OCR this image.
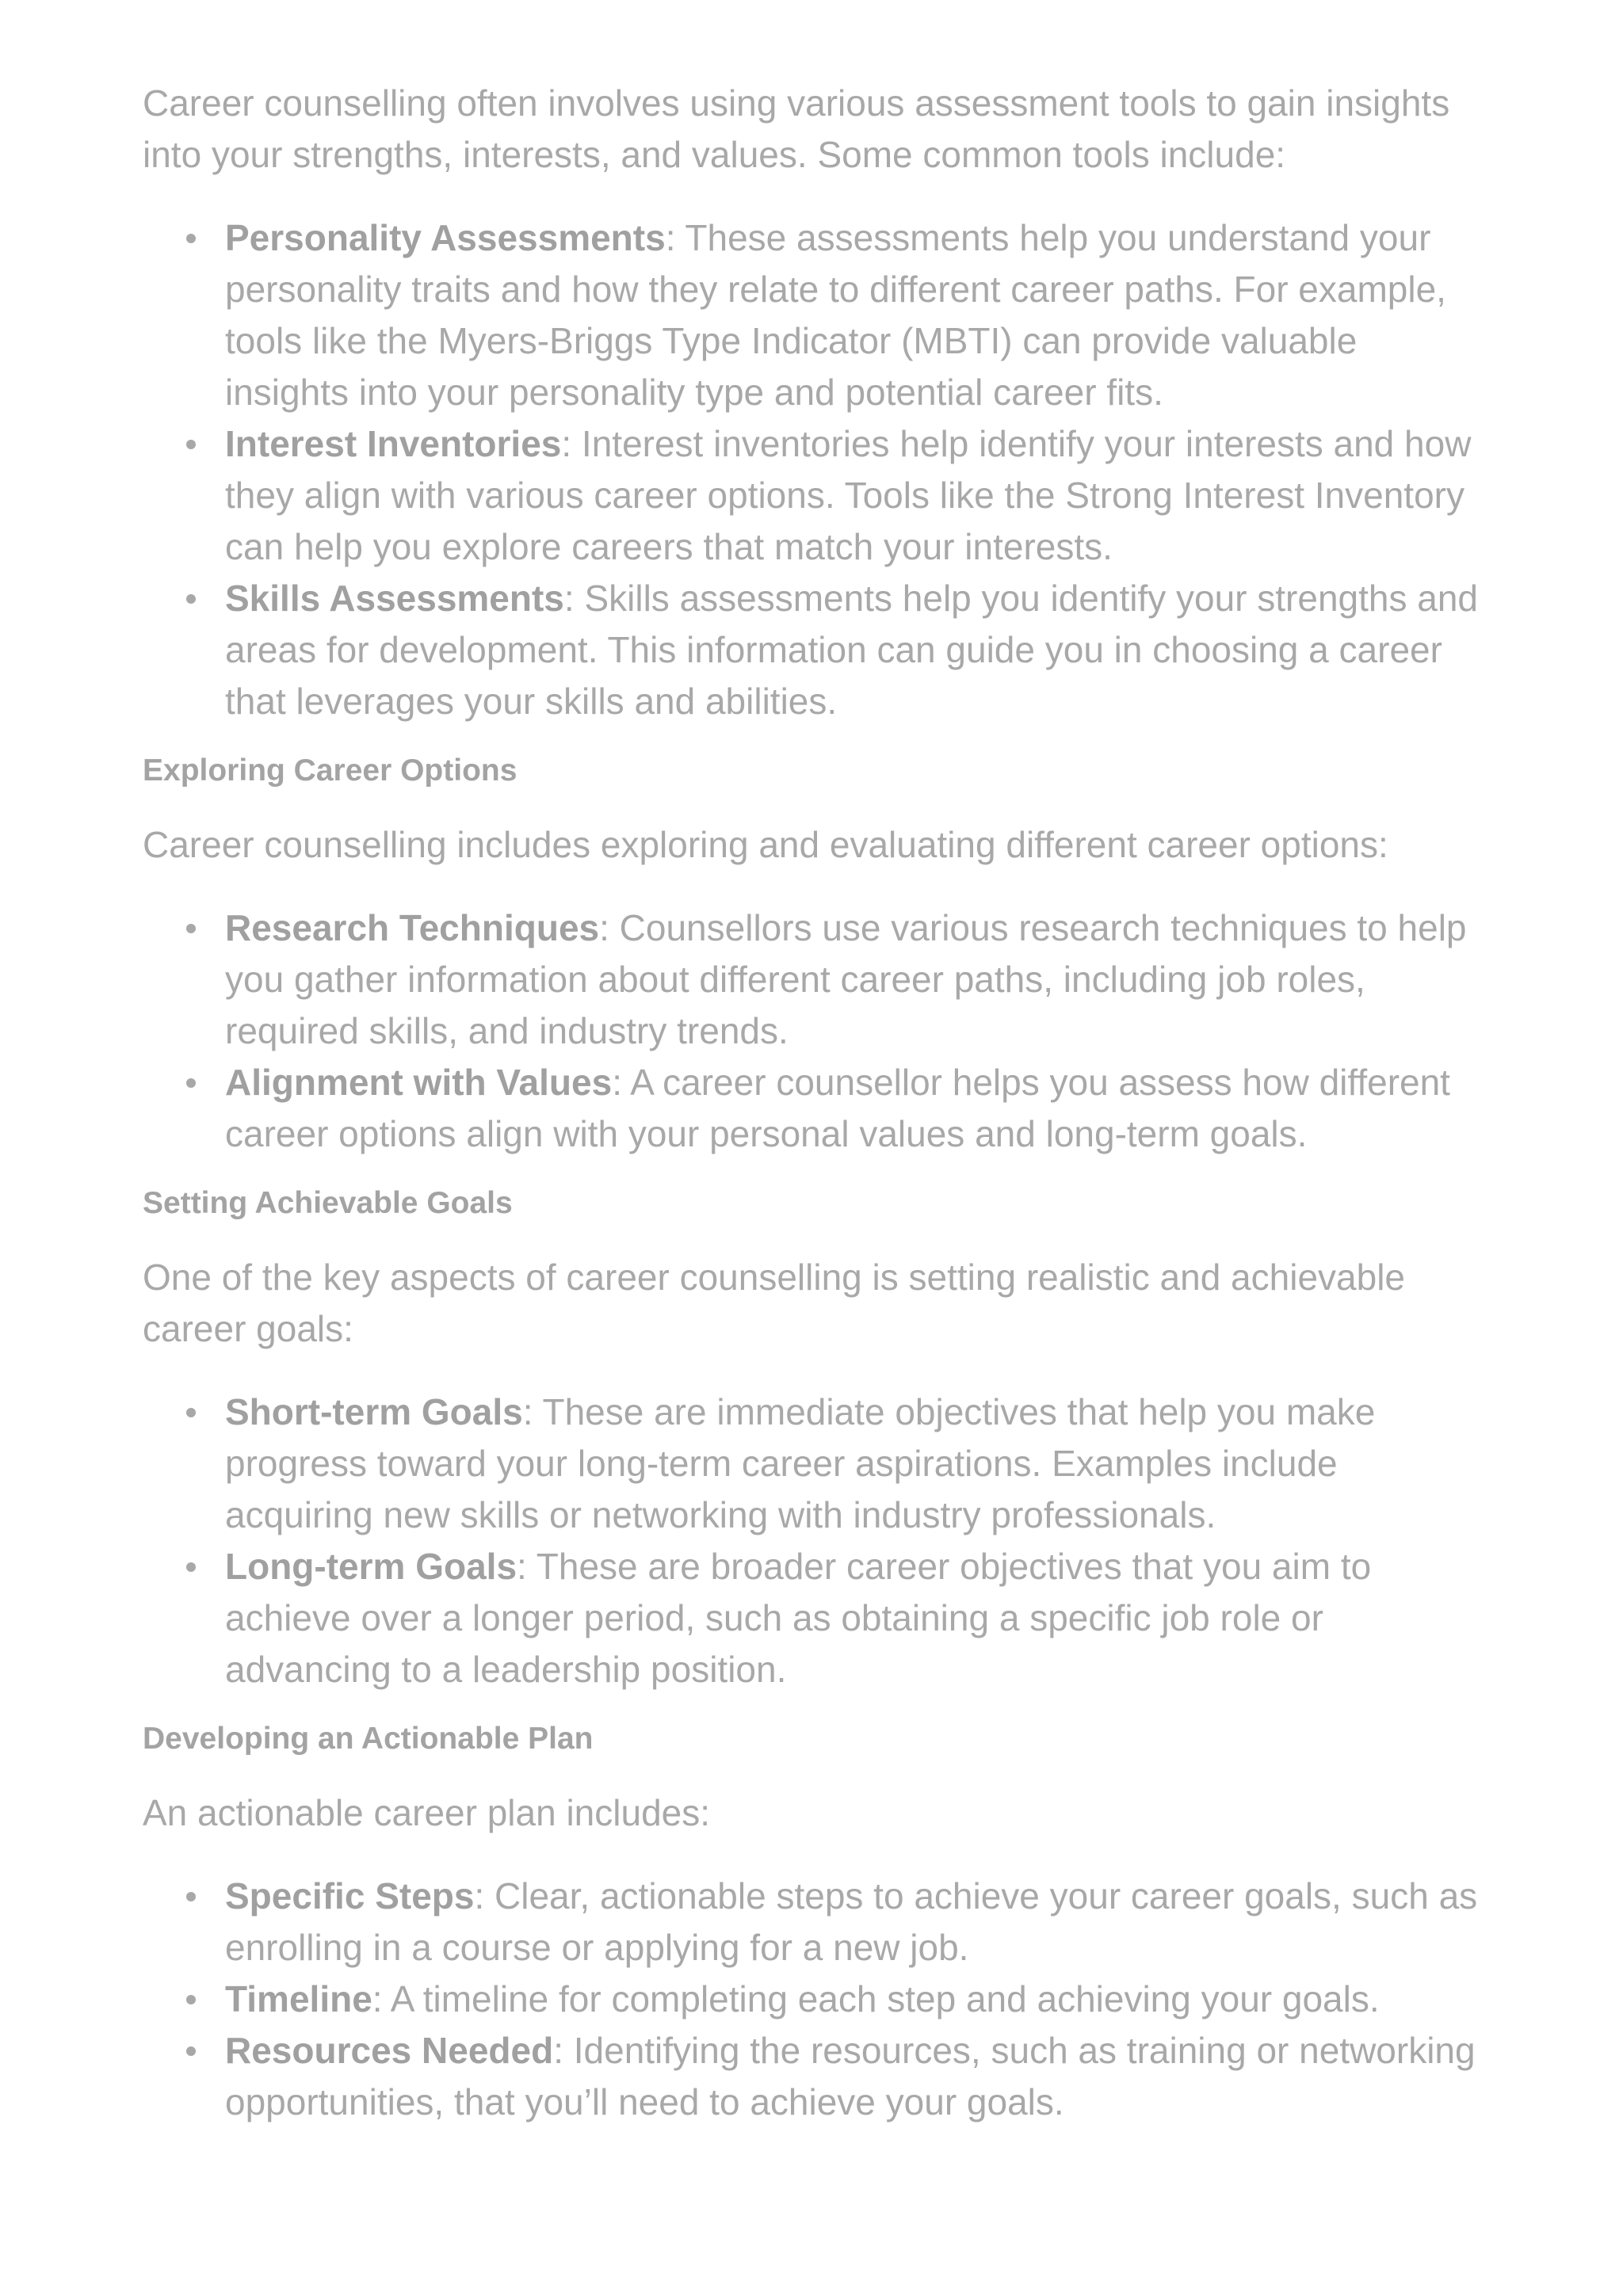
Career counselling often involves using various assessment tools to gain insights into your strengths, interests, and values. Some common tools include:

Personality Assessments: These assessments help you understand your personality traits and how they relate to different career paths. For example, tools like the Myers-Briggs Type Indicator (MBTI) can provide valuable insights into your personality type and potential career fits.
Interest Inventories: Interest inventories help identify your interests and how they align with various career options. Tools like the Strong Interest Inventory can help you explore careers that match your interests.
Skills Assessments: Skills assessments help you identify your strengths and areas for development. This information can guide you in choosing a career that leverages your skills and abilities.
Exploring Career Options

Career counselling includes exploring and evaluating different career options:

Research Techniques: Counsellors use various research techniques to help you gather information about different career paths, including job roles, required skills, and industry trends.
Alignment with Values: A career counsellor helps you assess how different career options align with your personal values and long-term goals.
Setting Achievable Goals

One of the key aspects of career counselling is setting realistic and achievable career goals:

Short-term Goals: These are immediate objectives that help you make progress toward your long-term career aspirations. Examples include acquiring new skills or networking with industry professionals.
Long-term Goals: These are broader career objectives that you aim to achieve over a longer period, such as obtaining a specific job role or advancing to a leadership position.
Developing an Actionable Plan

An actionable career plan includes:

Specific Steps: Clear, actionable steps to achieve your career goals, such as enrolling in a course or applying for a new job.
Timeline: A timeline for completing each step and achieving your goals.
Resources Needed: Identifying the resources, such as training or networking opportunities, that you’ll need to achieve your goals.
